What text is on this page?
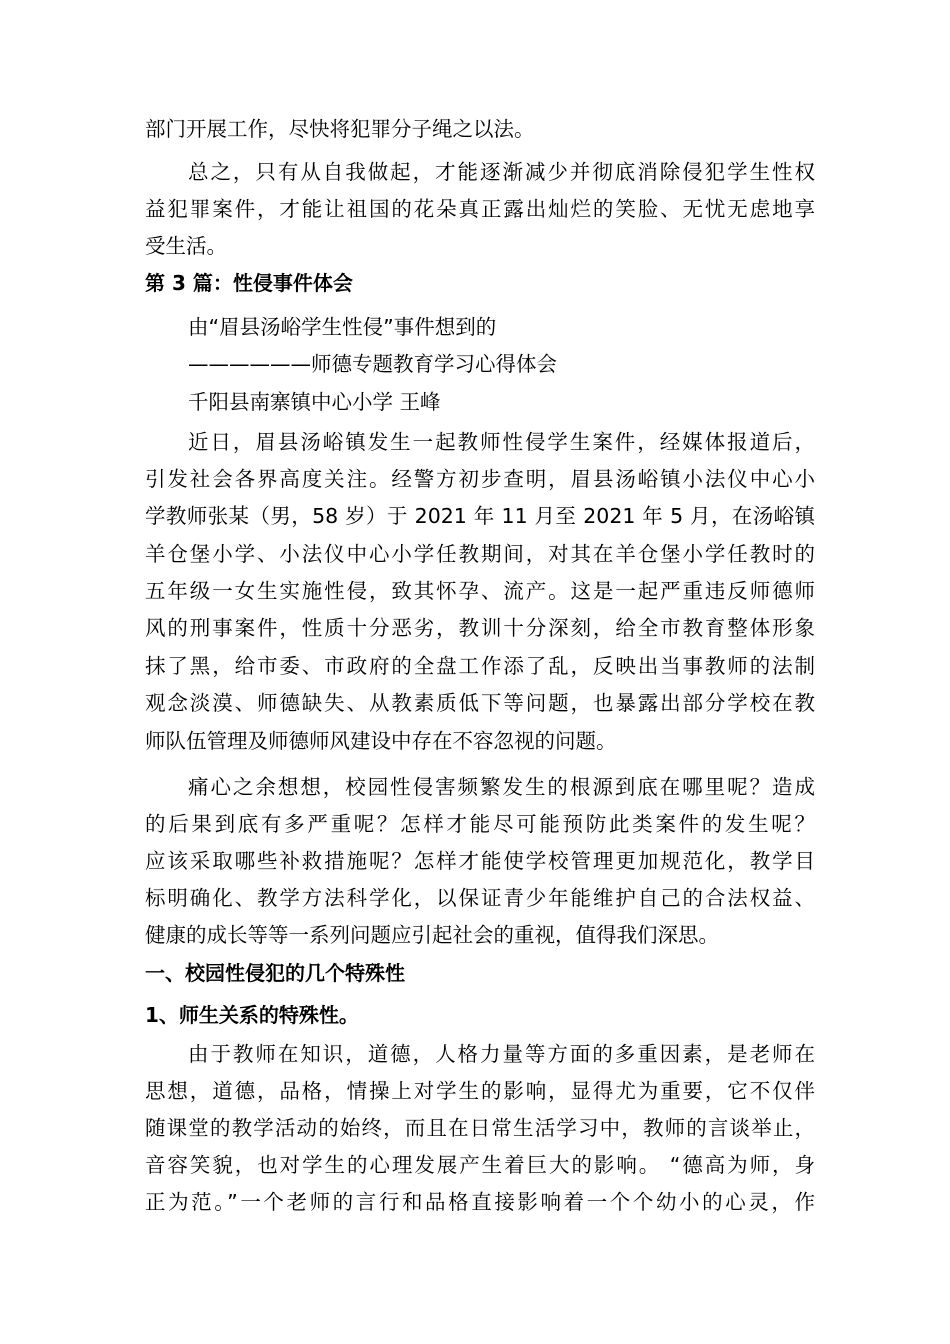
部门开展工作，尽快将犯罪分子绳之以法。
总之，只有从自我做起，才能逐渐减少并彻底消除侵犯学生性权
益犯罪案件，才能让祖国的花朵真正露出灿烂的笑脸、无忧无虑地享
受生活。
第 3 篇：性侵事件体会
由“眉县汤峪学生性侵”事件想到的
——————师德专题教育学习心得体会
千阳县南寨镇中心小学 王峰
近日，眉县汤峪镇发生一起教师性侵学生案件，经媒体报道后，
引发社会各界高度关注。经警方初步查明，眉县汤峪镇小法仪中心小
学教师张某（男，58 岁）于 2021 年 11 月至 2021 年 5 月，在汤峪镇
羊仓堡小学、小法仪中心小学任教期间，对其在羊仓堡小学任教时的
五年级一女生实施性侵，致其怀孕、流产。这是一起严重违反师德师
风的刑事案件，性质十分恶劣，教训十分深刻，给全市教育整体形象
抹了黑，给市委、市政府的全盘工作添了乱，反映出当事教师的法制
观念淡漠、师德缺失、从教素质低下等问题，也暴露出部分学校在教
师队伍管理及师德师风建设中存在不容忽视的问题。
痛心之余想想，校园性侵害频繁发生的根源到底在哪里呢？造成
的后果到底有多严重呢？怎样才能尽可能预防此类案件的发生呢？
应该采取哪些补救措施呢？怎样才能使学校管理更加规范化，教学目
标明确化、教学方法科学化，以保证青少年能维护自己的合法权益、
健康的成长等等一系列问题应引起社会的重视，值得我们深思。
一、校园性侵犯的几个特殊性
1、师生关系的特殊性。
由于教师在知识，道德，人格力量等方面的多重因素，是老师在
思想，道德，品格，情操上对学生的影响，显得尤为重要，它不仅伴
随课堂的教学活动的始终，而且在日常生活学习中，教师的言谈举止，
音容笑貌，也对学生的心理发展产生着巨大的影响。 “德高为师，身
正为范。”一个老师的言行和品格直接影响着一个个幼小的心灵，作
